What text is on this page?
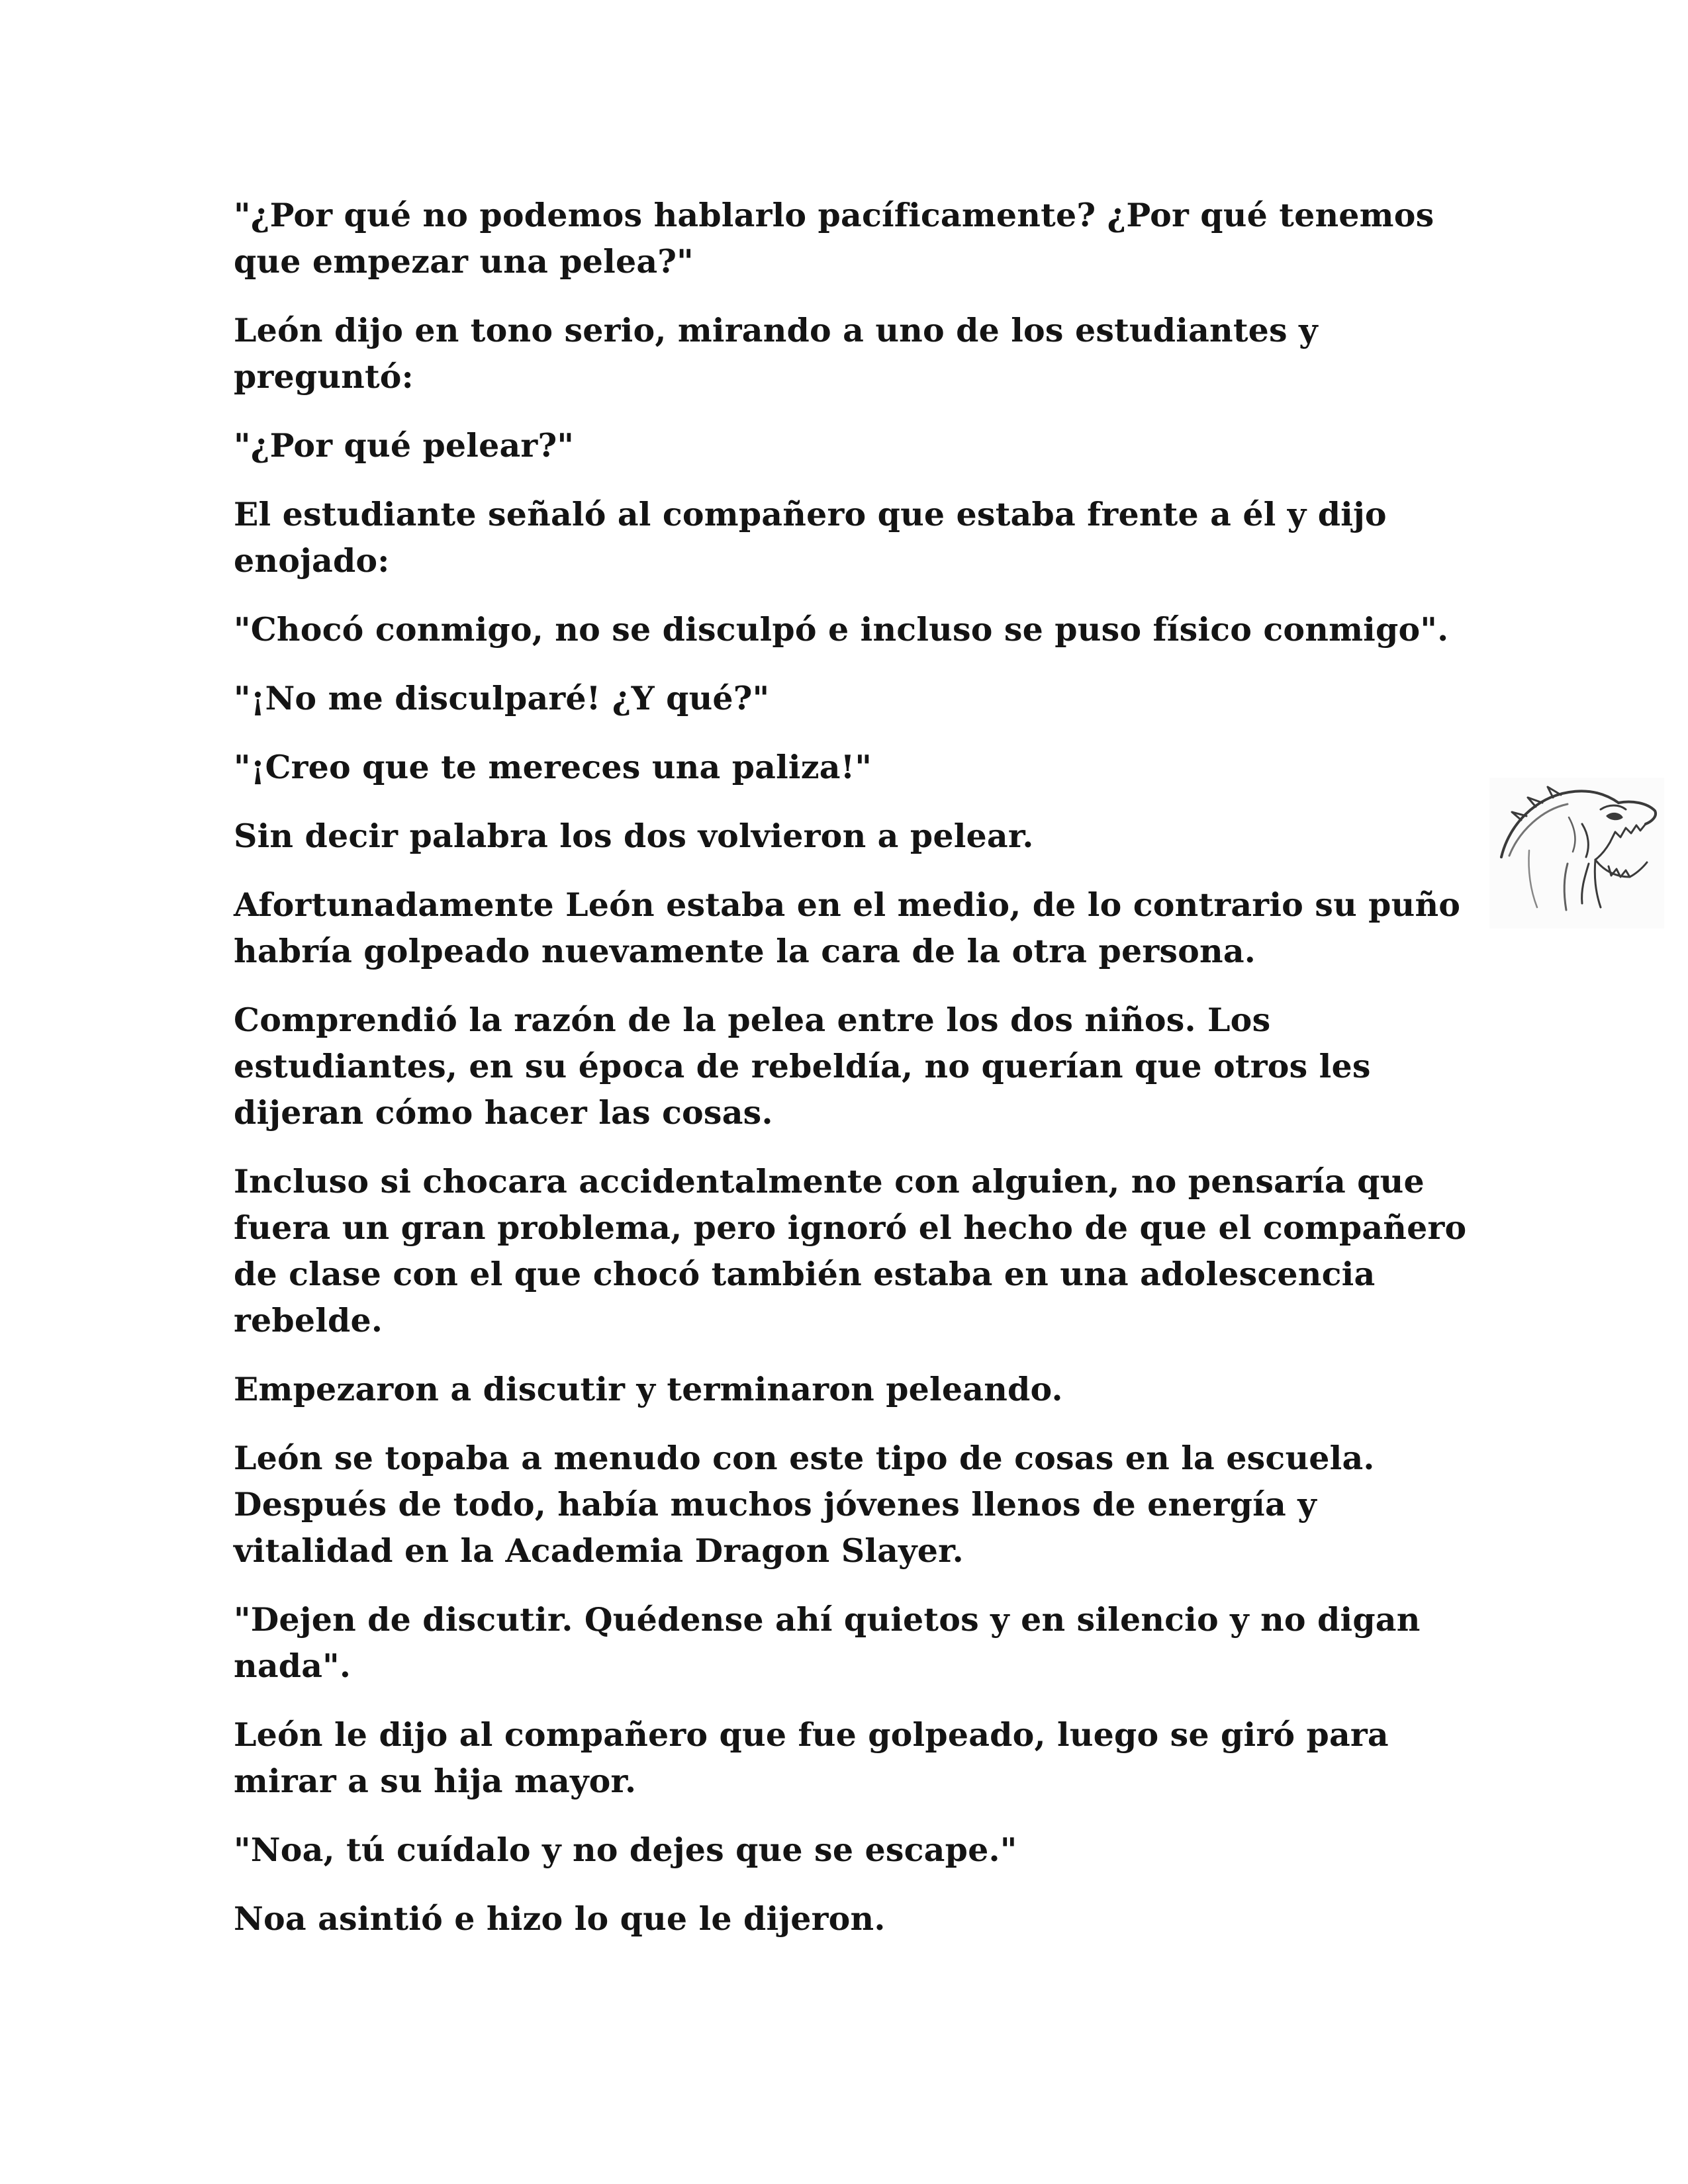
"¿Por qué no podemos hablarlo pacíficamente? ¿Por qué tenemos que empezar una pelea?"

León dijo en tono serio, mirando a uno de los estudiantes y preguntó:

"¿Por qué pelear?"

El estudiante señaló al compañero que estaba frente a él y dijo enojado:

"Chocó conmigo, no se disculpó e incluso se puso físico conmigo".

"¡No me disculparé! ¿Y qué?"

"¡Creo que te mereces una paliza!"

Sin decir palabra los dos volvieron a pelear.

Afortunadamente León estaba en el medio, de lo contrario su puño habría golpeado nuevamente la cara de la otra persona.

Comprendió la razón de la pelea entre los dos niños. Los estudiantes, en su época de rebeldía, no querían que otros les dijeran cómo hacer las cosas.

Incluso si chocara accidentalmente con alguien, no pensaría que fuera un gran problema, pero ignoró el hecho de que el compañero de clase con el que chocó también estaba en una adolescencia rebelde.

Empezaron a discutir y terminaron peleando.

León se topaba a menudo con este tipo de cosas en la escuela. Después de todo, había muchos jóvenes llenos de energía y vitalidad en la Academia Dragon Slayer.

"Dejen de discutir. Quédense ahí quietos y en silencio y no digan nada".

León le dijo al compañero que fue golpeado, luego se giró para mirar a su hija mayor.

"Noa, tú cuídalo y no dejes que se escape."

Noa asintió e hizo lo que le dijeron.
